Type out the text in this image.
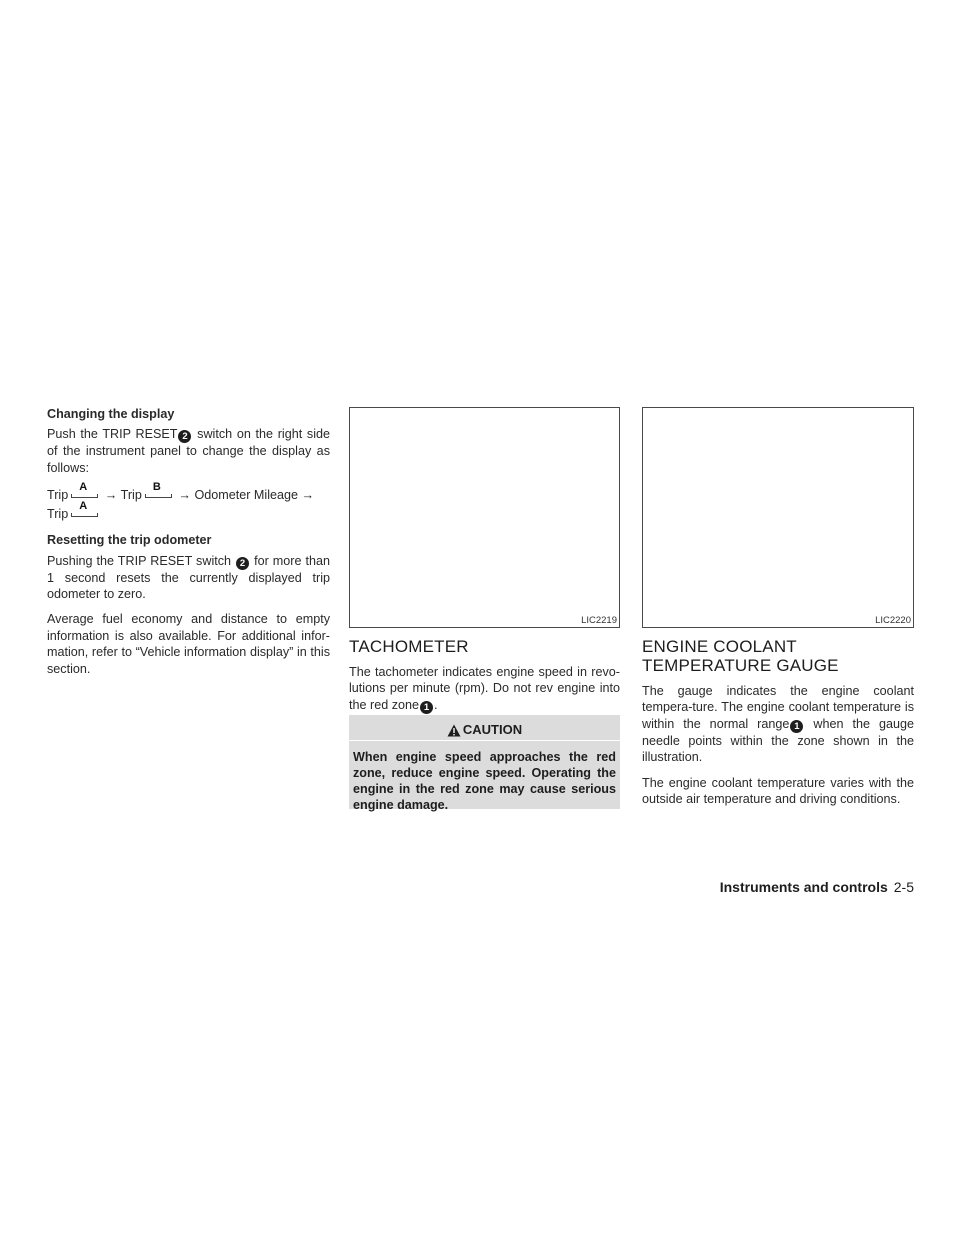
Changing the display

Push the TRIP RESET 2 switch on the right side of the instrument panel to change the display as follows:

Trip
A
→ Trip
B
→ Odometer Mileage →
Trip
A

Resetting the trip odometer

Pushing the TRIP RESET switch 2 for more than 1 second resets the currently displayed trip odometer to zero.

Average fuel economy and distance to empty information is also available. For additional infor-mation, refer to “Vehicle information display” in this section.

LIC2219
TACHOMETER

The tachometer indicates engine speed in revo-lutions per minute (rpm). Do not rev engine into the red zone 1 .

CAUTION
When engine speed approaches the red zone, reduce engine speed. Operating the engine in the red zone may cause serious engine damage.
LIC2220
ENGINE COOLANT TEMPERATURE GAUGE

The gauge indicates the engine coolant tempera-ture. The engine coolant temperature is within the normal range 1 when the gauge needle points within the zone shown in the illustration.

The engine coolant temperature varies with the outside air temperature and driving conditions.

Instruments and controls 2-5
